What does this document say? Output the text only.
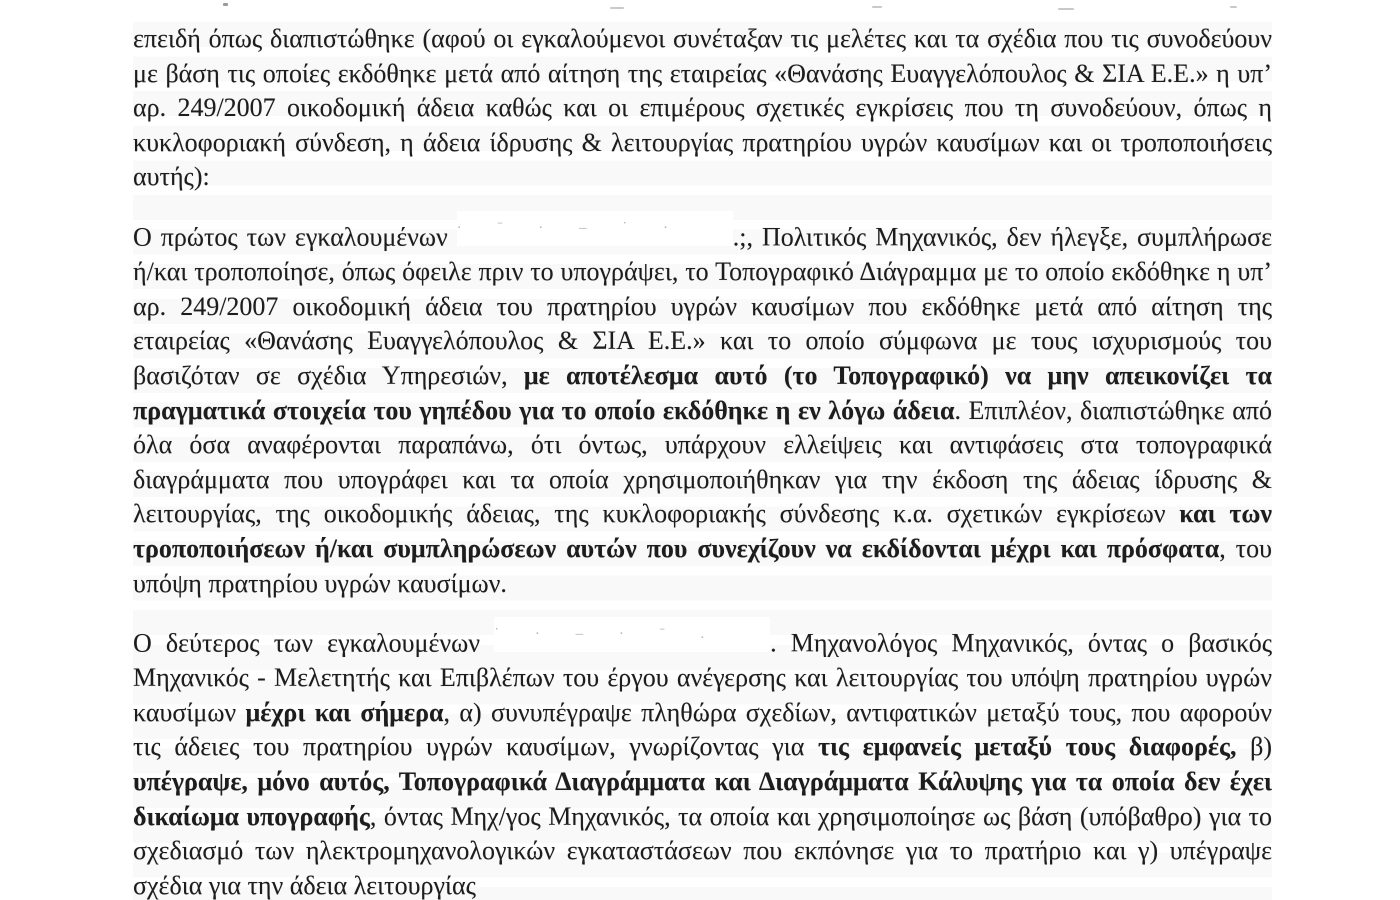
επειδή όπως διαπιστώθηκε (αφού οι εγκαλούμενοι συνέταξαν τις μελέτες και τα σχέδια που τις συνοδεύουν με βάση τις οποίες εκδόθηκε μετά από αίτηση της εταιρείας «Θανάσης Ευαγγελόπουλος & ΣΙΑ Ε.Ε.» η υπ’ αρ. 249/2007 οικοδομική άδεια καθώς και οι επιμέρους σχετικές εγκρίσεις που τη συνοδεύουν, όπως η κυκλοφοριακή σύνδεση, η άδεια ίδρυσης & λειτουργίας πρατηρίου υγρών καυσίμων και οι τροποποιήσεις αυτής):

Ο πρώτος των εγκαλουμένων · ˉ · – ˙ · .;, Πολιτικός Μηχανικός, δεν ήλεγξε, συμπλήρωσε ή/και τροποποίησε, όπως όφειλε πριν το υπογράψει, το Τοπογραφικό Διάγραμμα με το οποίο εκδόθηκε η υπ’ αρ. 249/2007 οικοδομική άδεια του πρατηρίου υγρών καυσίμων που εκδόθηκε μετά από αίτηση της εταιρείας «Θανάσης Ευαγγελόπουλος & ΣΙΑ Ε.Ε.» και το οποίο σύμφωνα με τους ισχυρισμούς του βασιζόταν σε σχέδια Υπηρεσιών, με αποτέλεσμα αυτό (το Τοπογραφικό) να μην απεικονίζει τα πραγματικά στοιχεία του γηπέδου για το οποίο εκδόθηκε η εν λόγω άδεια. Επιπλέον, διαπιστώθηκε από όλα όσα αναφέρονται παραπάνω, ότι όντως, υπάρχουν ελλείψεις και αντιφάσεις στα τοπογραφικά διαγράμματα που υπογράφει και τα οποία χρησιμοποιήθηκαν για την έκδοση της άδειας ίδρυσης & λειτουργίας, της οικοδομικής άδειας, της κυκλοφοριακής σύνδεσης κ.α. σχετικών εγκρίσεων και των τροποποιήσεων ή/και συμπληρώσεων αυτών που συνεχίζουν να εκδίδονται μέχρι και πρόσφατα, του υπόψη πρατηρίου υγρών καυσίμων.

Ο δεύτερος των εγκαλουμένων ˙ · – · ˉ . . Μηχανολόγος Μηχανικός, όντας ο βασικός Μηχανικός - Μελετητής και Επιβλέπων του έργου ανέγερσης και λειτουργίας του υπόψη πρατηρίου υγρών καυσίμων μέχρι και σήμερα, α) συνυπέγραψε πληθώρα σχεδίων, αντιφατικών μεταξύ τους, που αφορούν τις άδειες του πρατηρίου υγρών καυσίμων, γνωρίζοντας για τις εμφανείς μεταξύ τους διαφορές, β) υπέγραψε, μόνο αυτός, Τοπογραφικά Διαγράμματα και Διαγράμματα Κάλυψης για τα οποία δεν έχει δικαίωμα υπογραφής, όντας Μηχ/γος Μηχανικός, τα οποία και χρησιμοποίησε ως βάση (υπόβαθρο) για το σχεδιασμό των ηλεκτρομηχανολογικών εγκαταστάσεων που εκπόνησε για το πρατήριο και γ) υπέγραψε σχέδια για την άδεια λειτουργίας
